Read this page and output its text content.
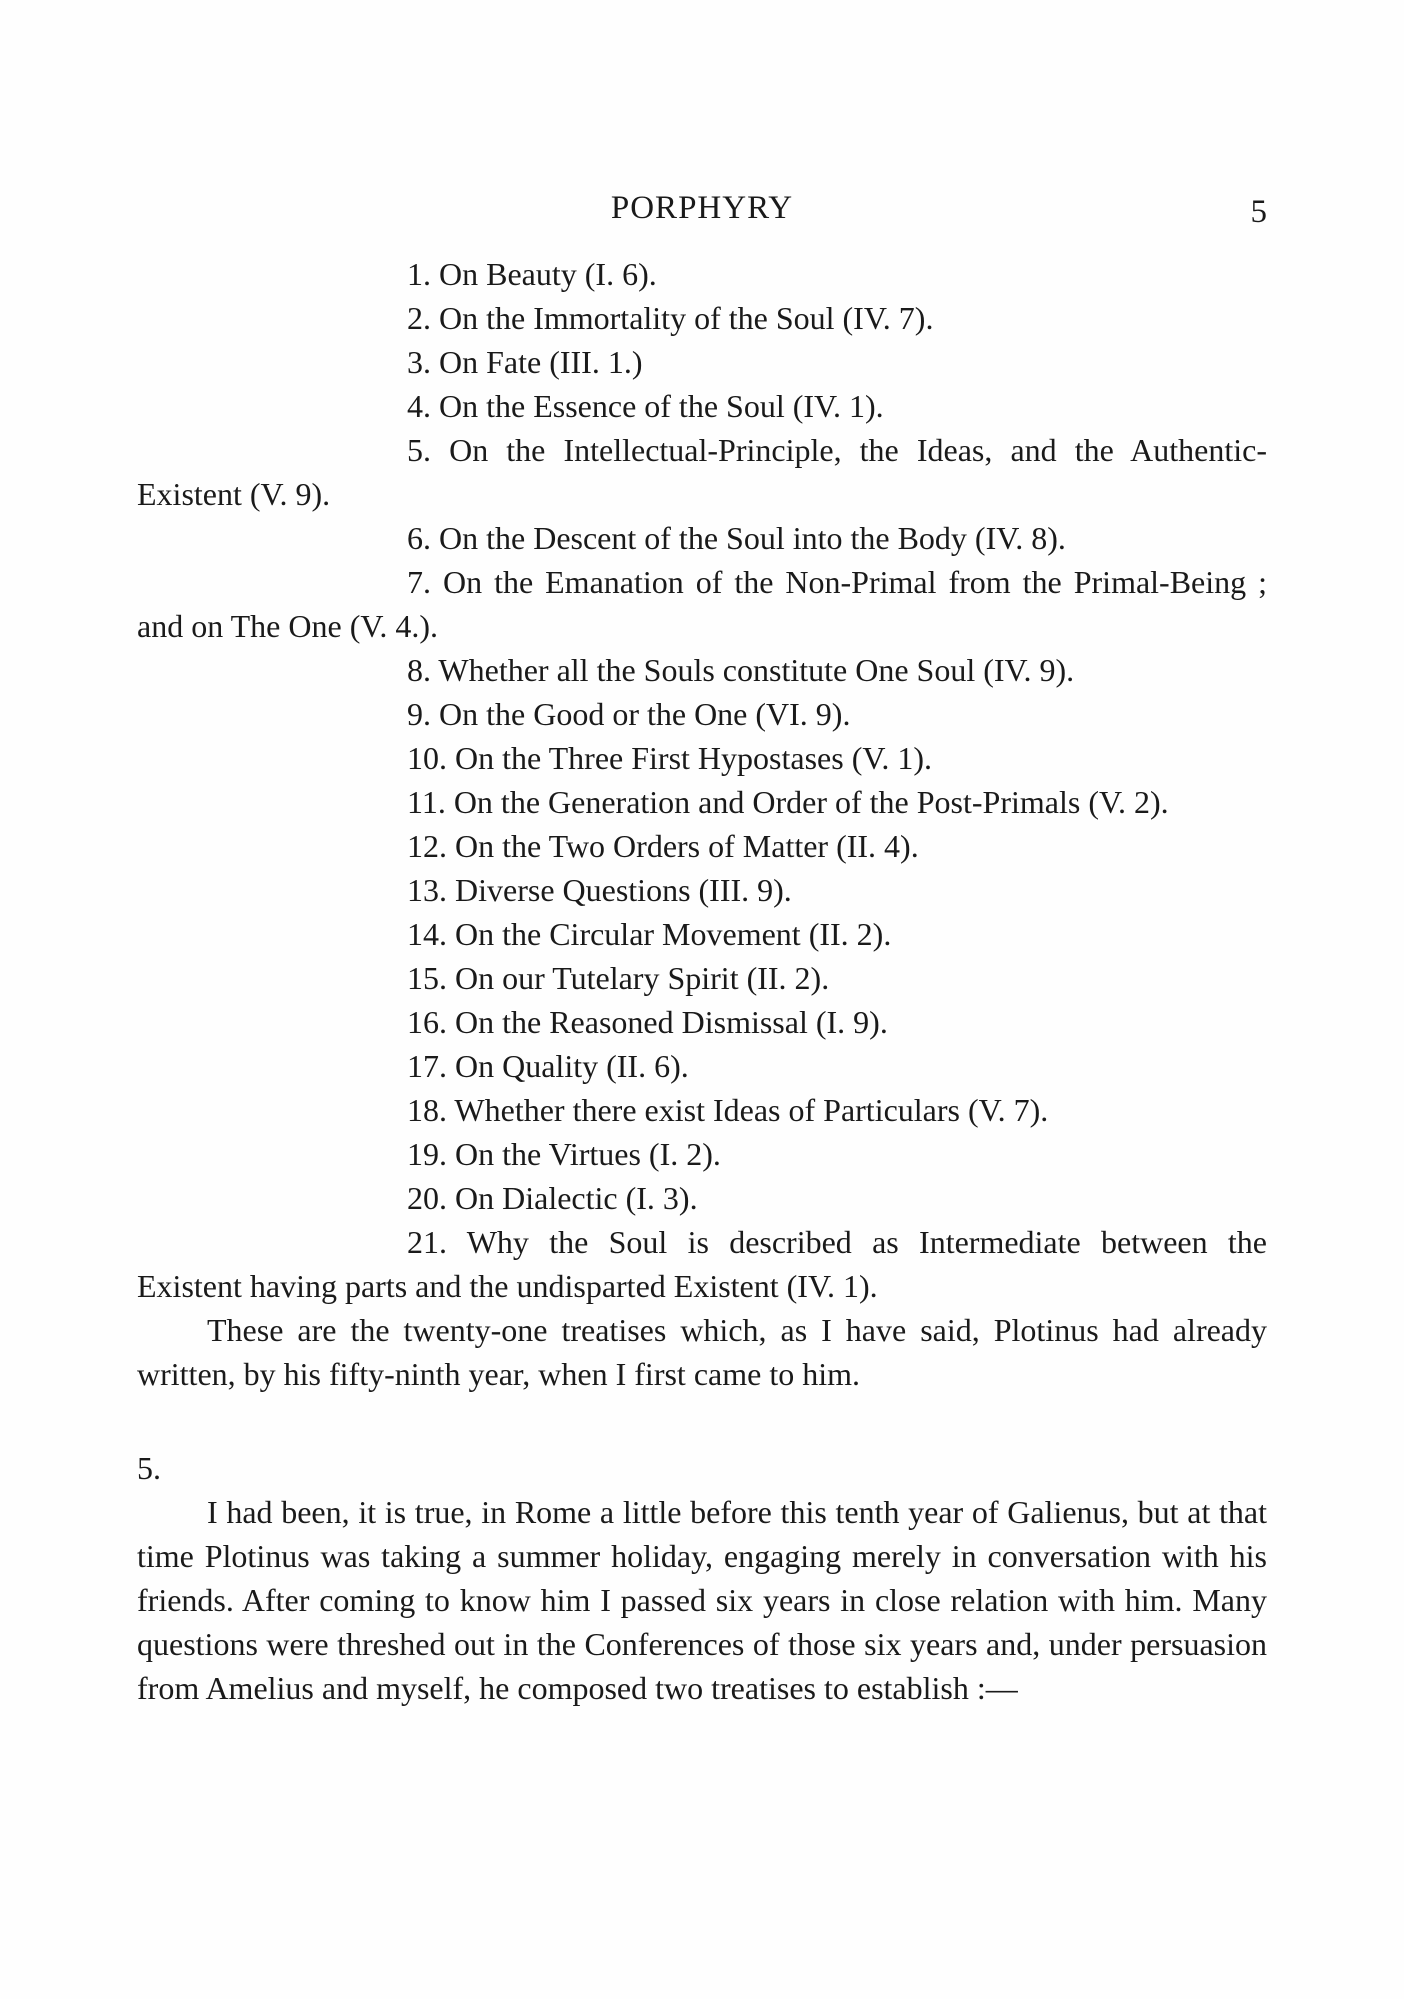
PORPHYRY	5

1. On Beauty (I. 6).

2. On the Immortality of the Soul (IV. 7).

3. On Fate (III. 1.)

4. On the Essence of the Soul (IV. 1).

5. On the Intellectual-Principle, the Ideas, and the Authentic-Existent (V. 9).

6. On the Descent of the Soul into the Body (IV. 8).

7. On the Emanation of the Non-Primal from the Primal-Being ; and on The One (V. 4.).

8. Whether all the Souls constitute One Soul (IV. 9).

9. On the Good or the One (VI. 9).

10. On the Three First Hypostases (V. 1).

11. On the Generation and Order of the Post-Primals (V. 2).

12. On the Two Orders of Matter (II. 4).

13. Diverse Questions (III. 9).

14. On the Circular Movement (II. 2).

15. On our Tutelary Spirit (II. 2).

16. On the Reasoned Dismissal (I. 9).

17. On Quality (II. 6).

18. Whether there exist Ideas of Particulars (V. 7).

19. On the Virtues (I. 2).

20. On Dialectic (I. 3).

21. Why the Soul is described as Intermediate between the Existent having parts and the undisparted Existent (IV. 1).

These are the twenty-one treatises which, as I have said, Plotinus had already written, by his fifty-ninth year, when I first came to him.

5.

I had been, it is true, in Rome a little before this tenth year of Galienus, but at that time Plotinus was taking a summer holiday, engaging merely in conversation with his friends. After coming to know him I passed six years in close relation with him. Many questions were threshed out in the Conferences of those six years and, under persuasion from Amelius and myself, he composed two treatises to establish :—
